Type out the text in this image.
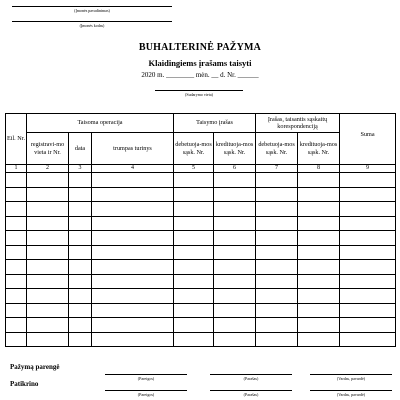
(Įmonės pavadinimas)
(Įmonės kodas)
BUHALTERINĖ PAŽYMA
Klaidingiems įrašams taisyti
2020 m. ________ mėn. __ d. Nr. ______
(Sudarymo vieta)
Eil. Nr.	Taisoma operacija			Taisymo įrašas		Įrašas, taisantis sąskaitų korespondenciją		Suma
	registravi-mo vieta ir Nr.	data	trumpas turinys	debetuoja-mos sąsk. Nr.	kredituoja-mos sąsk. Nr.	debetuoja-mos sąsk. Nr.	kredituoja-mos sąsk. Nr.	
1	2	3	4	5	6	7	8	9

Pažymą parengė
(Pareigos)	(Parašas)	(Vardas, pavardė)
Patikrino
(Pareigos)	(Parašas)	(Vardas, pavardė)
